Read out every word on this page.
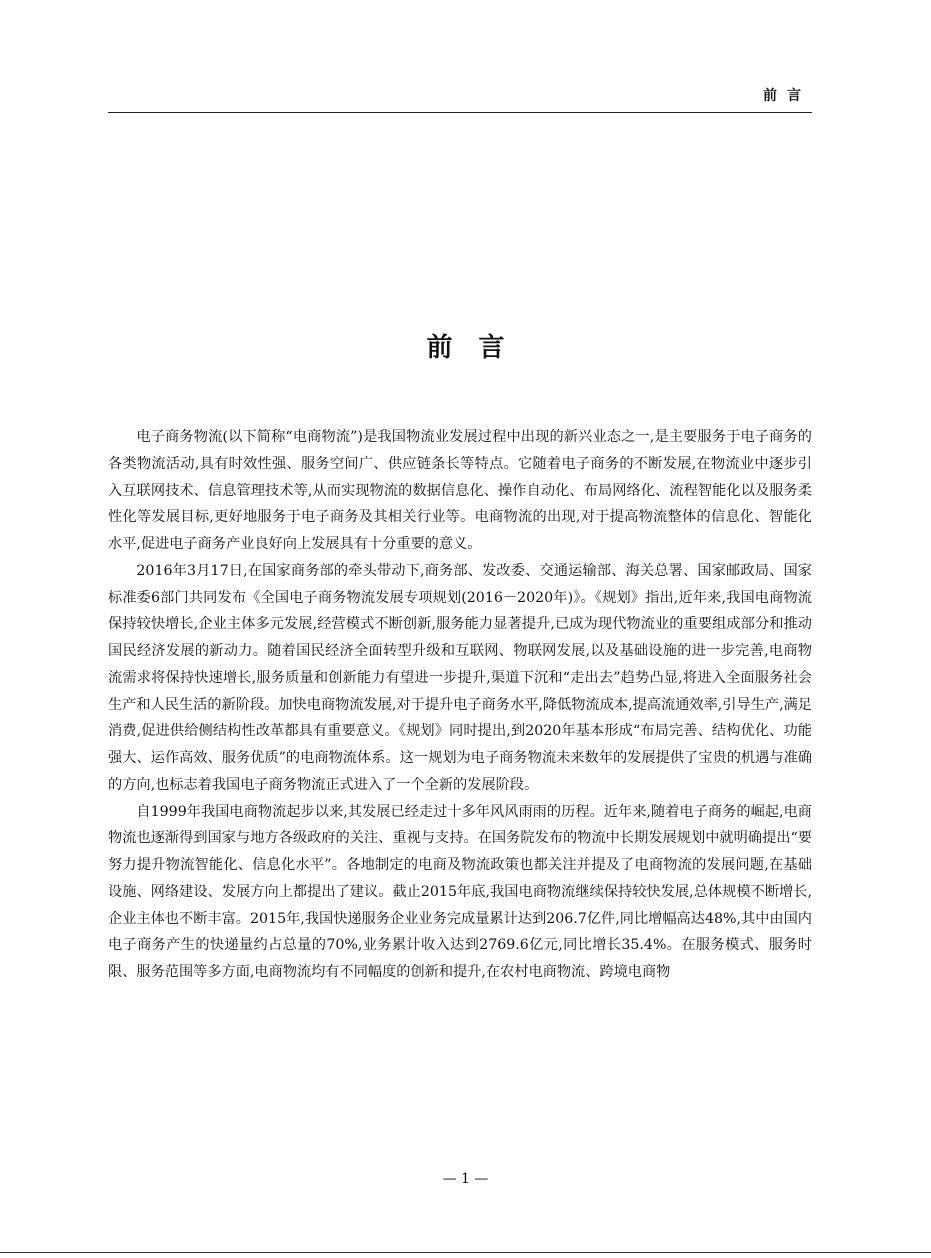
前言
前言

电子商务物流(以下简称“电商物流”)是我国物流业发展过程中出现的新兴业态之一,是主要服务于电子商务的各类物流活动,具有时效性强、服务空间广、供应链条长等特点。它随着电子商务的不断发展,在物流业中逐步引入互联网技术、信息管理技术等,从而实现物流的数据信息化、操作自动化、布局网络化、流程智能化以及服务柔性化等发展目标,更好地服务于电子商务及其相关行业等。电商物流的出现,对于提高物流整体的信息化、智能化水平,促进电子商务产业良好向上发展具有十分重要的意义。

2016年3月17日,在国家商务部的牵头带动下,商务部、发改委、交通运输部、海关总署、国家邮政局、国家标准委6部门共同发布《全国电子商务物流发展专项规划(2016－2020年)》。《规划》指出,近年来,我国电商物流保持较快增长,企业主体多元发展,经营模式不断创新,服务能力显著提升,已成为现代物流业的重要组成部分和推动国民经济发展的新动力。随着国民经济全面转型升级和互联网、物联网发展,以及基础设施的进一步完善,电商物流需求将保持快速增长,服务质量和创新能力有望进一步提升,渠道下沉和“走出去”趋势凸显,将进入全面服务社会生产和人民生活的新阶段。加快电商物流发展,对于提升电子商务水平,降低物流成本,提高流通效率,引导生产,满足消费,促进供给侧结构性改革都具有重要意义。《规划》同时提出,到2020年基本形成“布局完善、结构优化、功能强大、运作高效、服务优质”的电商物流体系。这一规划为电子商务物流未来数年的发展提供了宝贵的机遇与准确的方向,也标志着我国电子商务物流正式进入了一个全新的发展阶段。

自1999年我国电商物流起步以来,其发展已经走过十多年风风雨雨的历程。近年来,随着电子商务的崛起,电商物流也逐渐得到国家与地方各级政府的关注、重视与支持。在国务院发布的物流中长期发展规划中就明确提出“要努力提升物流智能化、信息化水平”。各地制定的电商及物流政策也都关注并提及了电商物流的发展问题,在基础设施、网络建设、发展方向上都提出了建议。截止2015年底,我国电商物流继续保持较快发展,总体规模不断增长,企业主体也不断丰富。2015年,我国快递服务企业业务完成量累计达到206.7亿件,同比增幅高达48%,其中由国内电子商务产生的快递量约占总量的70%,业务累计收入达到2769.6亿元,同比增长35.4%。在服务模式、服务时限、服务范围等多方面,电商物流均有不同幅度的创新和提升,在农村电商物流、跨境电商物

— 1 —
